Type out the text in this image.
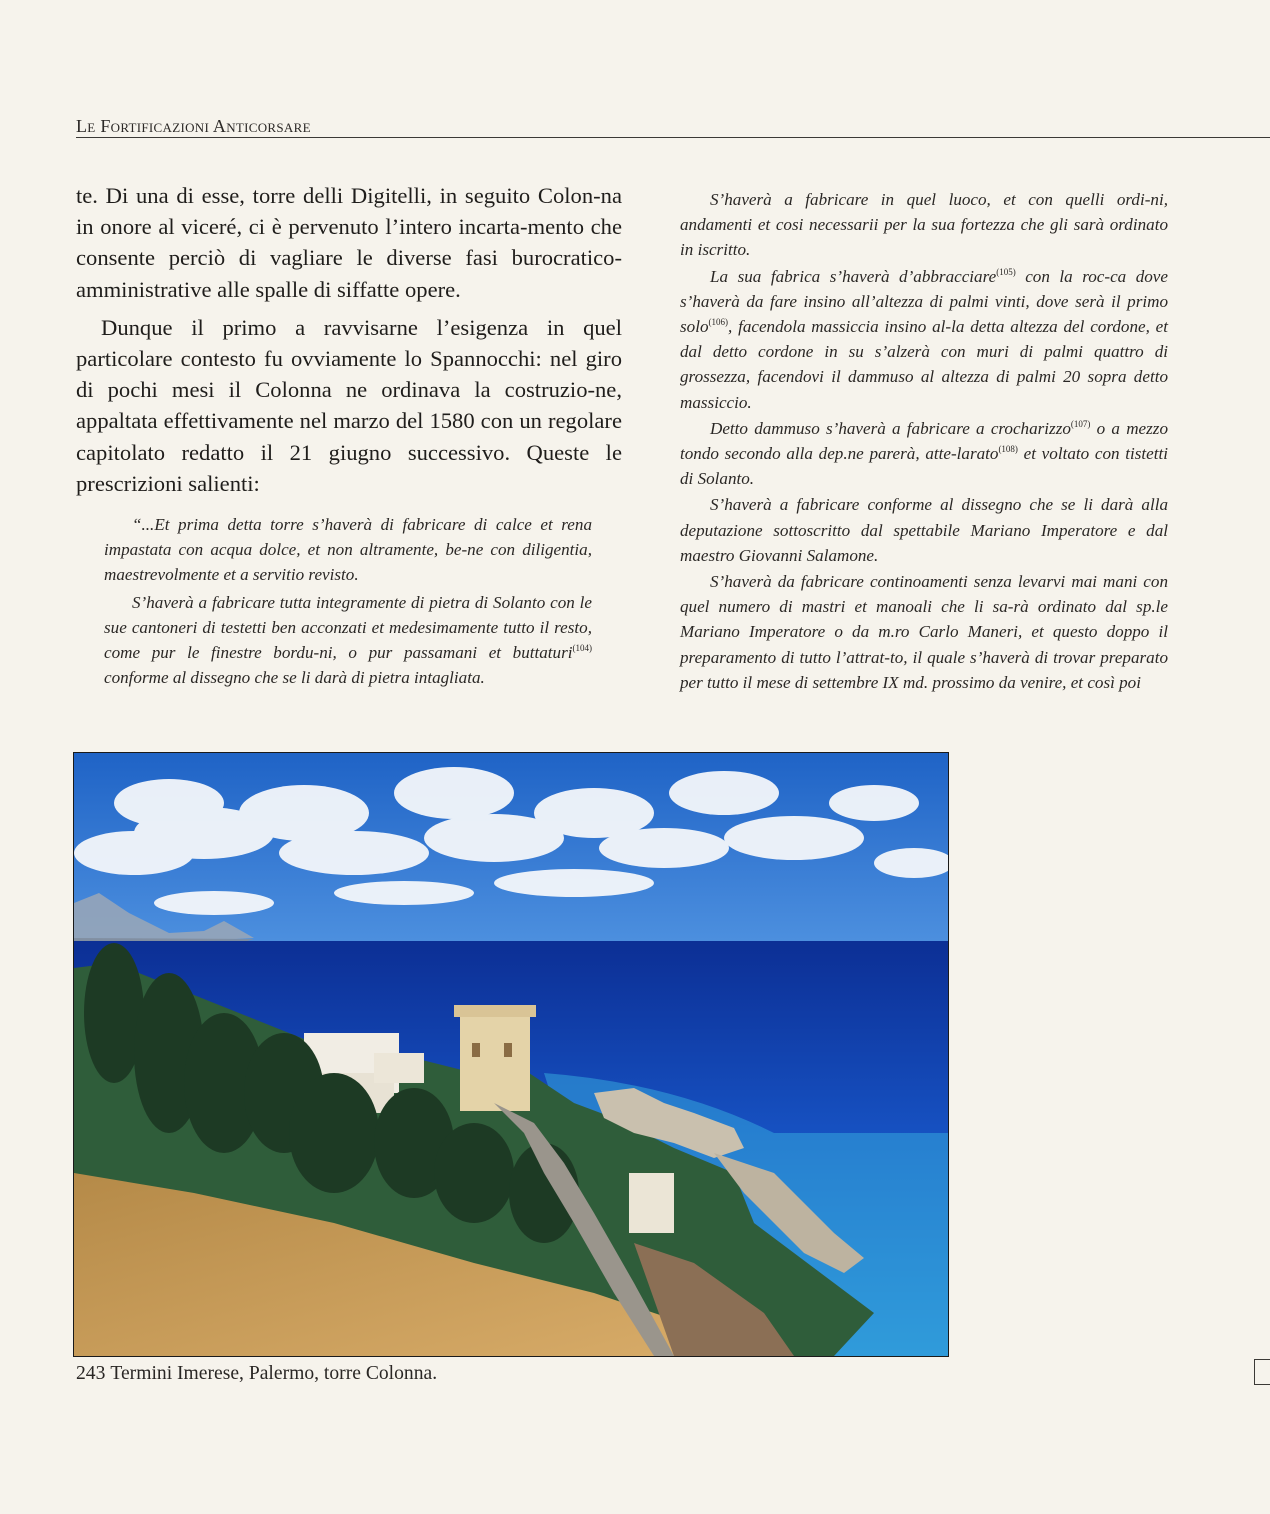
Le Fortificazioni Anticorsare

te. Di una di esse, torre delli Digitelli, in seguito Colon-na in onore al viceré, ci è pervenuto l’intero incarta-mento che consente perciò di vagliare le diverse fasi burocratico-amministrative alle spalle di siffatte opere.

Dunque il primo a ravvisarne l’esigenza in quel particolare contesto fu ovviamente lo Spannocchi: nel giro di pochi mesi il Colonna ne ordinava la costruzio-ne, appaltata effettivamente nel marzo del 1580 con un regolare capitolato redatto il 21 giugno successivo. Queste le prescrizioni salienti:

“...Et prima detta torre s’haverà di fabricare di calce et rena impastata con acqua dolce, et non altramente, be-ne con diligentia, maestrevolmente et a servitio revisto.

S’haverà a fabricare tutta integramente di pietra di Solanto con le sue cantoneri di testetti ben acconzati et medesimamente tutto il resto, come pur le finestre bordu-ni, o pur passamani et buttaturi$^{(104)}$ conforme al dissegno che se li darà di pietra intagliata.

S’haverà a fabricare in quel luoco, et con quelli ordi-ni, andamenti et cosi necessarii per la sua fortezza che gli sarà ordinato in iscritto.

La sua fabrica s’haverà d’abbracciare$^{(105)}$ con la roc-ca dove s’haverà da fare insino all’altezza di palmi vinti, dove serà il primo solo$^{(106)}$, facendola massiccia insino al-la detta altezza del cordone, et dal detto cordone in su s’alzerà con muri di palmi quattro di grossezza, facendovi il dammuso al altezza di palmi 20 sopra detto massiccio.

Detto dammuso s’haverà a fabricare a crocharizzo$^{(107)}$ o a mezzo tondo secondo alla dep.ne parerà, atte-larato$^{(108)}$ et voltato con tistetti di Solanto.

S’haverà a fabricare conforme al dissegno che se li darà alla deputazione sottoscritto dal spettabile Mariano Imperatore e dal maestro Giovanni Salamone.

S’haverà da fabricare continoamenti senza levarvi mai mani con quel numero di mastri et manoali che li sa-rà ordinato dal sp.le Mariano Imperatore o da m.ro Carlo Maneri, et questo doppo il preparamento di tutto l’attrat-to, il quale s’haverà di trovar preparato per tutto il mese di settembre IX md. prossimo da venire, et così poi

243 Termini Imerese, Palermo, torre Colonna.
